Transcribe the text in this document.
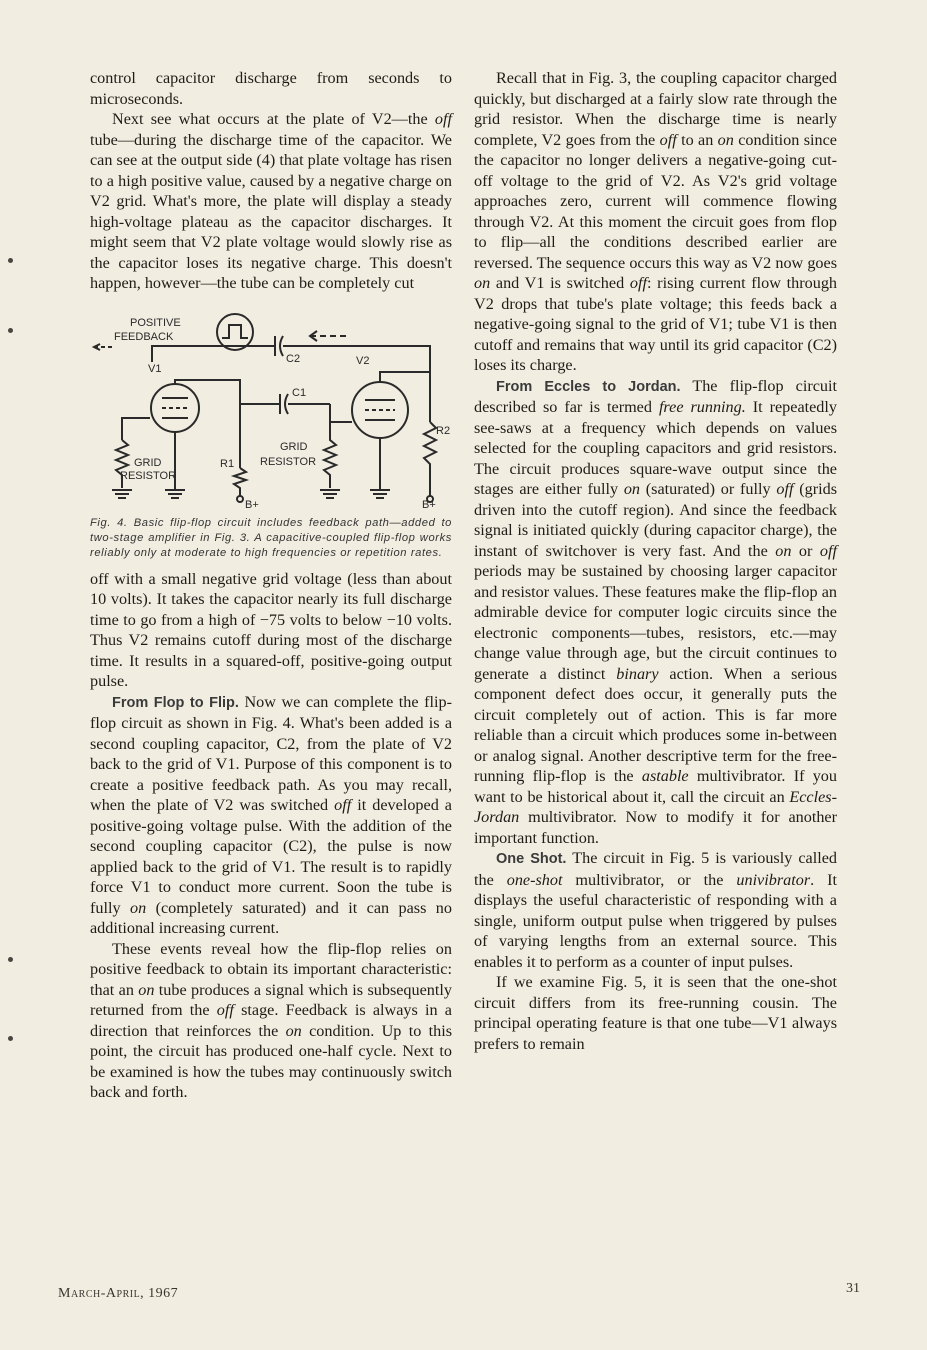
control capacitor discharge from seconds to microseconds.

Next see what occurs at the plate of V2—the off tube—during the discharge time of the capacitor. We can see at the output side (4) that plate voltage has risen to a high positive value, caused by a negative charge on V2 grid. What's more, the plate will display a steady high-voltage plateau as the capacitor discharges. It might seem that V2 plate voltage would slowly rise as the capacitor loses its negative charge. This doesn't happen, however—the tube can be completely cut

POSITIVE
FEEDBACK
V1
V2
C2
C1
R1
R2
GRID
RESISTOR
GRID
RESISTOR
B+	B+
Fig. 4. Basic flip-flop circuit includes feedback path—added to two-stage amplifier in Fig. 3. A capacitive-coupled flip-flop works reliably only at moderate to high frequencies or repetition rates.

off with a small negative grid voltage (less than about 10 volts). It takes the capacitor nearly its full discharge time to go from a high of −75 volts to below −10 volts. Thus V2 remains cutoff during most of the discharge time. It results in a squared-off, positive-going output pulse.

From Flop to Flip. Now we can complete the flip-flop circuit as shown in Fig. 4. What's been added is a second coupling capacitor, C2, from the plate of V2 back to the grid of V1. Purpose of this component is to create a positive feedback path. As you may recall, when the plate of V2 was switched off it developed a positive-going voltage pulse. With the addition of the second coupling capacitor (C2), the pulse is now applied back to the grid of V1. The result is to rapidly force V1 to conduct more current. Soon the tube is fully on (completely saturated) and it can pass no additional increasing current.

These events reveal how the flip-flop relies on positive feedback to obtain its important characteristic: that an on tube produces a signal which is subsequently returned from the off stage. Feedback is always in a direction that reinforces the on condition. Up to this point, the circuit has produced one-half cycle. Next to be examined is how the tubes may continuously switch back and forth.

Recall that in Fig. 3, the coupling capacitor charged quickly, but discharged at a fairly slow rate through the grid resistor. When the discharge time is nearly complete, V2 goes from the off to an on condition since the capacitor no longer delivers a negative-going cut-off voltage to the grid of V2. As V2's grid voltage approaches zero, current will commence flowing through V2. At this moment the circuit goes from flop to flip—all the conditions described earlier are reversed. The sequence occurs this way as V2 now goes on and V1 is switched off: rising current flow through V2 drops that tube's plate voltage; this feeds back a negative-going signal to the grid of V1; tube V1 is then cutoff and remains that way until its grid capacitor (C2) loses its charge.

From Eccles to Jordan. The flip-flop circuit described so far is termed free running. It repeatedly see-saws at a frequency which depends on values selected for the coupling capacitors and grid resistors. The circuit produces square-wave output since the stages are either fully on (saturated) or fully off (grids driven into the cutoff region). And since the feedback signal is initiated quickly (during capacitor charge), the instant of switchover is very fast. And the on or off periods may be sustained by choosing larger capacitor and resistor values. These features make the flip-flop an admirable device for computer logic circuits since the electronic components—tubes, resistors, etc.—may change value through age, but the circuit continues to generate a distinct binary action. When a serious component defect does occur, it generally puts the circuit completely out of action. This is far more reliable than a circuit which produces some in-between or analog signal. Another descriptive term for the free-running flip-flop is the astable multivibrator. If you want to be historical about it, call the circuit an Eccles-Jordan multivibrator. Now to modify it for another important function.

One Shot. The circuit in Fig. 5 is variously called the one-shot multivibrator, or the univibrator. It displays the useful characteristic of responding with a single, uniform output pulse when triggered by pulses of varying lengths from an external source. This enables it to perform as a counter of input pulses.

If we examine Fig. 5, it is seen that the one-shot circuit differs from its free-running cousin. The principal operating feature is that one tube—V1 always prefers to remain

March-April, 1967	31
